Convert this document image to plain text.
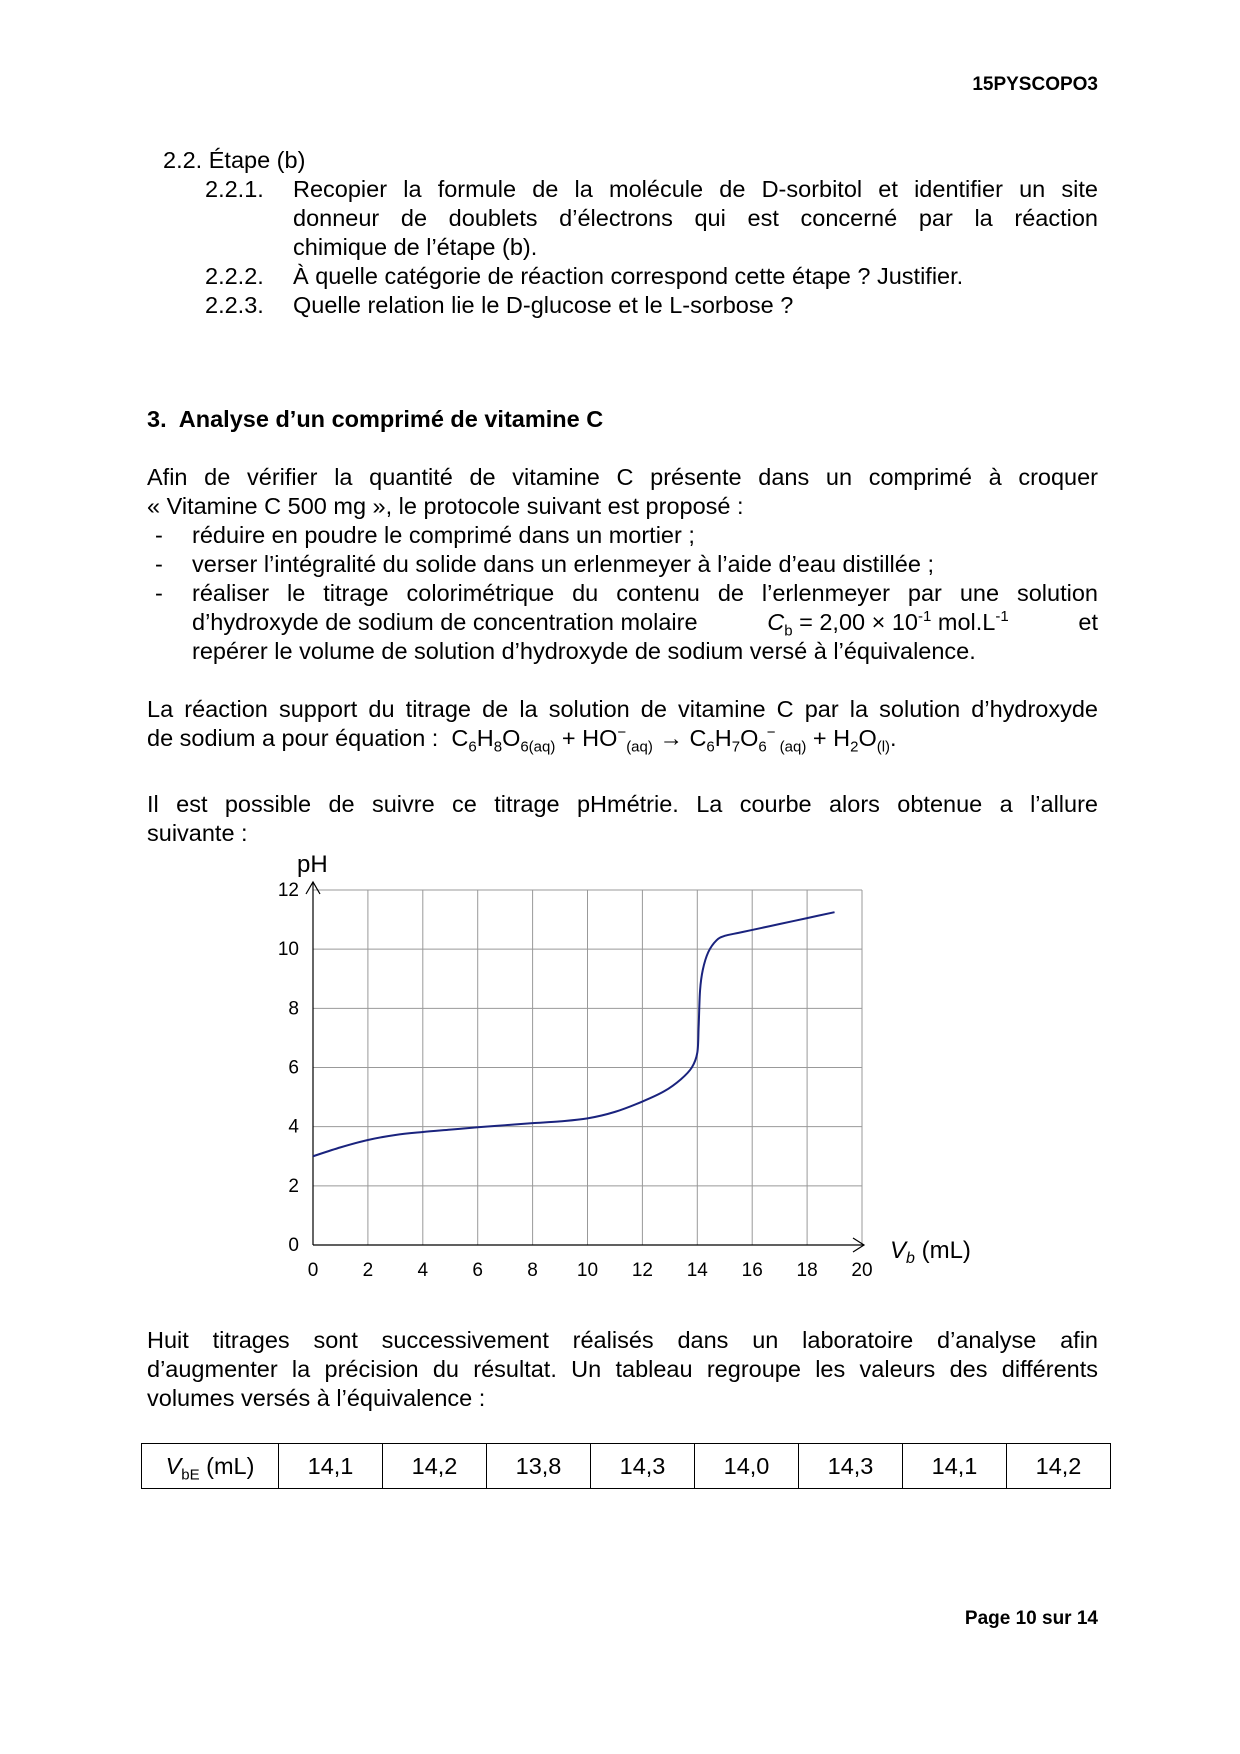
15PYSCOPO3
2.2. Étape (b)
2.2.1. Recopier la formule de la molécule de D-sorbitol et identifier un site
donneur de doublets d’électrons qui est concerné par la réaction
chimique de l’étape (b).
2.2.2. À quelle catégorie de réaction correspond cette étape ? Justifier.
2.2.3. Quelle relation lie le D-glucose et le L-sorbose ?
3.  Analyse d’un comprimé de vitamine C
Afin de vérifier la quantité de vitamine C présente dans un comprimé à croquer
« Vitamine C 500 mg », le protocole suivant est proposé :
- réduire en poudre le comprimé dans un mortier ;
- verser l’intégralité du solide dans un erlenmeyer à l’aide d’eau distillée ;
- réaliser le titrage colorimétrique du contenu de l’erlenmeyer par une solution
d’hydroxyde de sodium de concentration molaire	$C_b = 2,00 \times 10^{-1}$ $mol.L^{-1}$	et
repérer le volume de solution d’hydroxyde de sodium versé à l’équivalence.
La réaction support du titrage de la solution de vitamine C par la solution d’hydroxyde
de sodium a pour équation : $C_6H_8O_{6(aq)} + HO^-_{(aq)} \to C_6H_7O_6^-$ $_{(aq)} + H_2O_{(l)}$.
Il est possible de suivre ce titrage pHmétrie. La courbe alors obtenue a l’allure
suivante :
0 2 4 6 8 10 12 14 16 18 20
0
2
4
6
8
10
12
pH
$V_b$ (mL)
Huit titrages sont successivement réalisés dans un laboratoire d’analyse afin
d’augmenter la précision du résultat. Un tableau regroupe les valeurs des différents
volumes versés à l’équivalence :
$V_{bE}$ (mL)	14,1	14,2	13,8	14,3	14,0	14,3	14,1	14,2
Page 10 sur 14
